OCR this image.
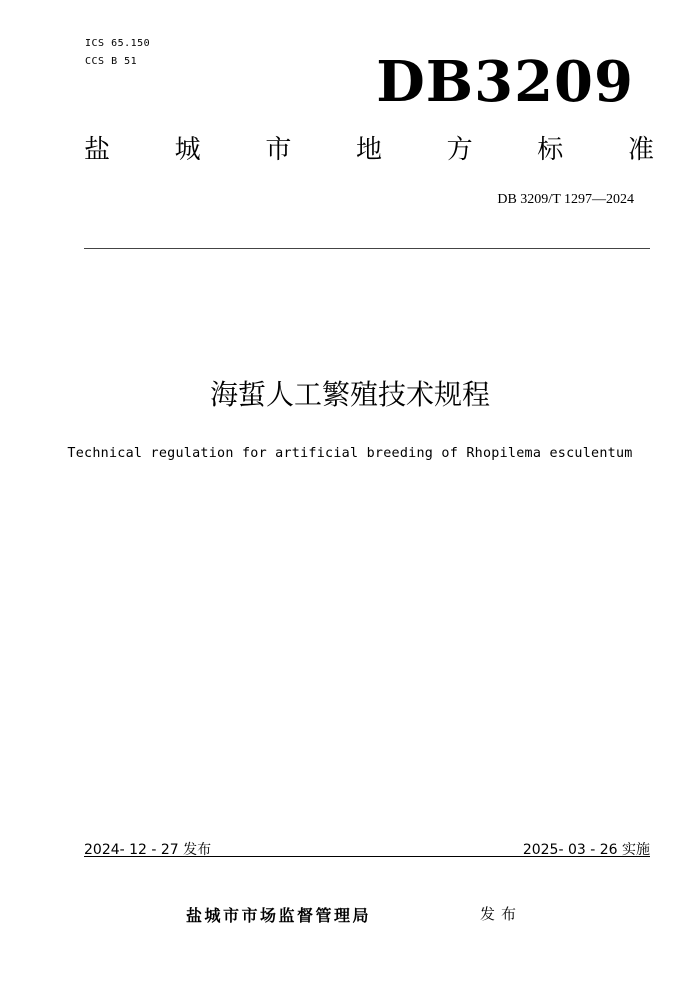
ICS 65.150
CCS B 51	DB3209
盐 城 市 地 方 标 准
DB 3209/T 1297—2024
海蜇人工繁殖技术规程
Technical regulation for artificial breeding of Rhopilema esculentum
2024- 12 - 27 发布	2025- 03 - 26 实施
盐城市市场监督管理局	发布
